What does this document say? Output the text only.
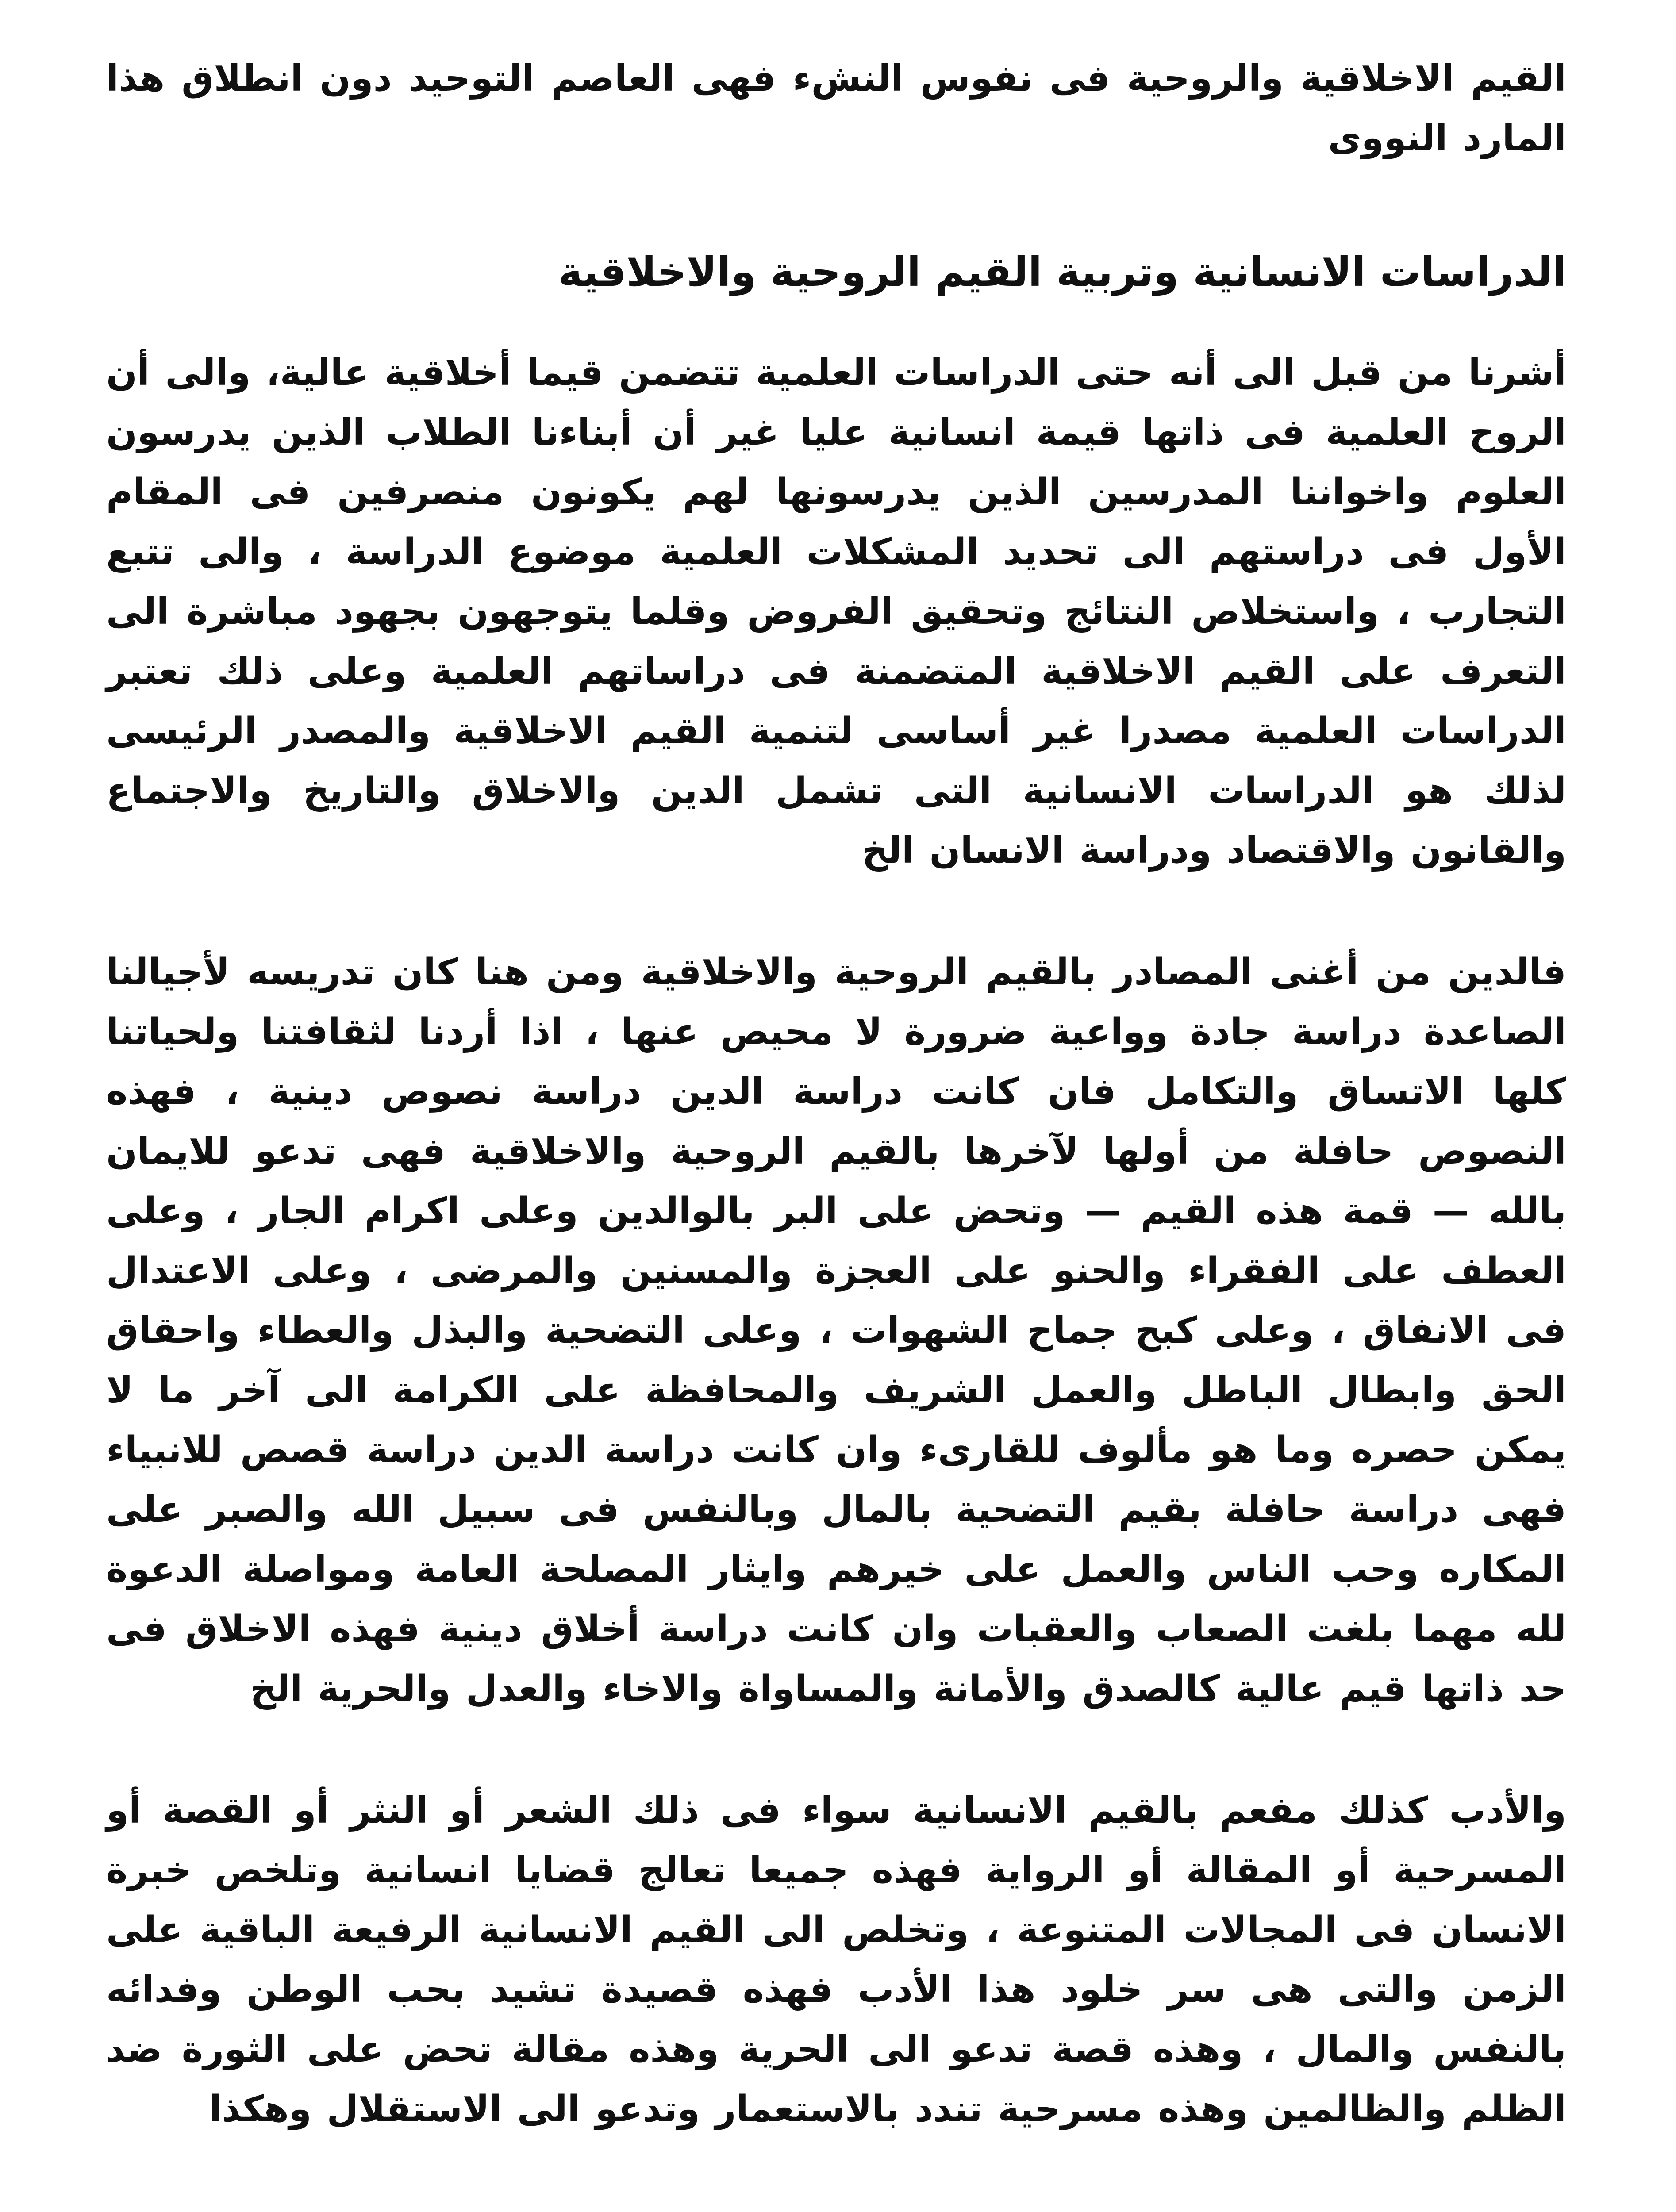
القيم الاخلاقية والروحية فى نفوس النشء فهى العاصم التوحيد دون انطلاق هذا المارد النووى

الدراسات الانسانية وتربية القيم الروحية والاخلاقية

أشرنا من قبل الى أنه حتى الدراسات العلمية تتضمن قيما أخلاقية عالية، والى أن الروح العلمية فى ذاتها قيمة انسانية عليا غير أن أبناءنا الطلاب الذين يدرسون العلوم واخواننا المدرسين الذين يدرسونها لهم يكونون منصرفين فى المقام الأول فى دراستهم الى تحديد المشكلات العلمية موضوع الدراسة ، والى تتبع التجارب ، واستخلاص النتائج وتحقيق الفروض وقلما يتوجهون بجهود مباشرة الى التعرف على القيم الاخلاقية المتضمنة فى دراساتهم العلمية وعلى ذلك تعتبر الدراسات العلمية مصدرا غير أساسى لتنمية القيم الاخلاقية والمصدر الرئيسى لذلك هو الدراسات الانسانية التى تشمل الدين والاخلاق والتاريخ والاجتماع والقانون والاقتصاد ودراسة الانسان الخ

فالدين من أغنى المصادر بالقيم الروحية والاخلاقية ومن هنا كان تدريسه لأجيالنا الصاعدة دراسة جادة وواعية ضرورة لا محيص عنها ، اذا أردنا لثقافتنا ولحياتنا كلها الاتساق والتكامل فان كانت دراسة الدين دراسة نصوص دينية ، فهذه النصوص حافلة من أولها لآخرها بالقيم الروحية والاخلاقية فهى تدعو للايمان بالله — قمة هذه القيم — وتحض على البر بالوالدين وعلى اكرام الجار ، وعلى العطف على الفقراء والحنو على العجزة والمسنين والمرضى ، وعلى الاعتدال فى الانفاق ، وعلى كبح جماح الشهوات ، وعلى التضحية والبذل والعطاء واحقاق الحق وابطال الباطل والعمل الشريف والمحافظة على الكرامة الى آخر ما لا يمكن حصره وما هو مألوف للقارىء وان كانت دراسة الدين دراسة قصص للانبياء فهى دراسة حافلة بقيم التضحية بالمال وبالنفس فى سبيل الله والصبر على المكاره وحب الناس والعمل على خيرهم وايثار المصلحة العامة ومواصلة الدعوة لله مهما بلغت الصعاب والعقبات وان كانت دراسة أخلاق دينية فهذه الاخلاق فى حد ذاتها قيم عالية كالصدق والأمانة والمساواة والاخاء والعدل والحرية الخ

والأدب كذلك مفعم بالقيم الانسانية سواء فى ذلك الشعر أو النثر أو القصة أو المسرحية أو المقالة أو الرواية فهذه جميعا تعالج قضايا انسانية وتلخص خبرة الانسان فى المجالات المتنوعة ، وتخلص الى القيم الانسانية الرفيعة الباقية على الزمن والتى هى سر خلود هذا الأدب فهذه قصيدة تشيد بحب الوطن وفدائه بالنفس والمال ، وهذه قصة تدعو الى الحرية وهذه مقالة تحض على الثورة ضد الظلم والظالمين وهذه مسرحية تندد بالاستعمار وتدعو الى الاستقلال وهكذا
